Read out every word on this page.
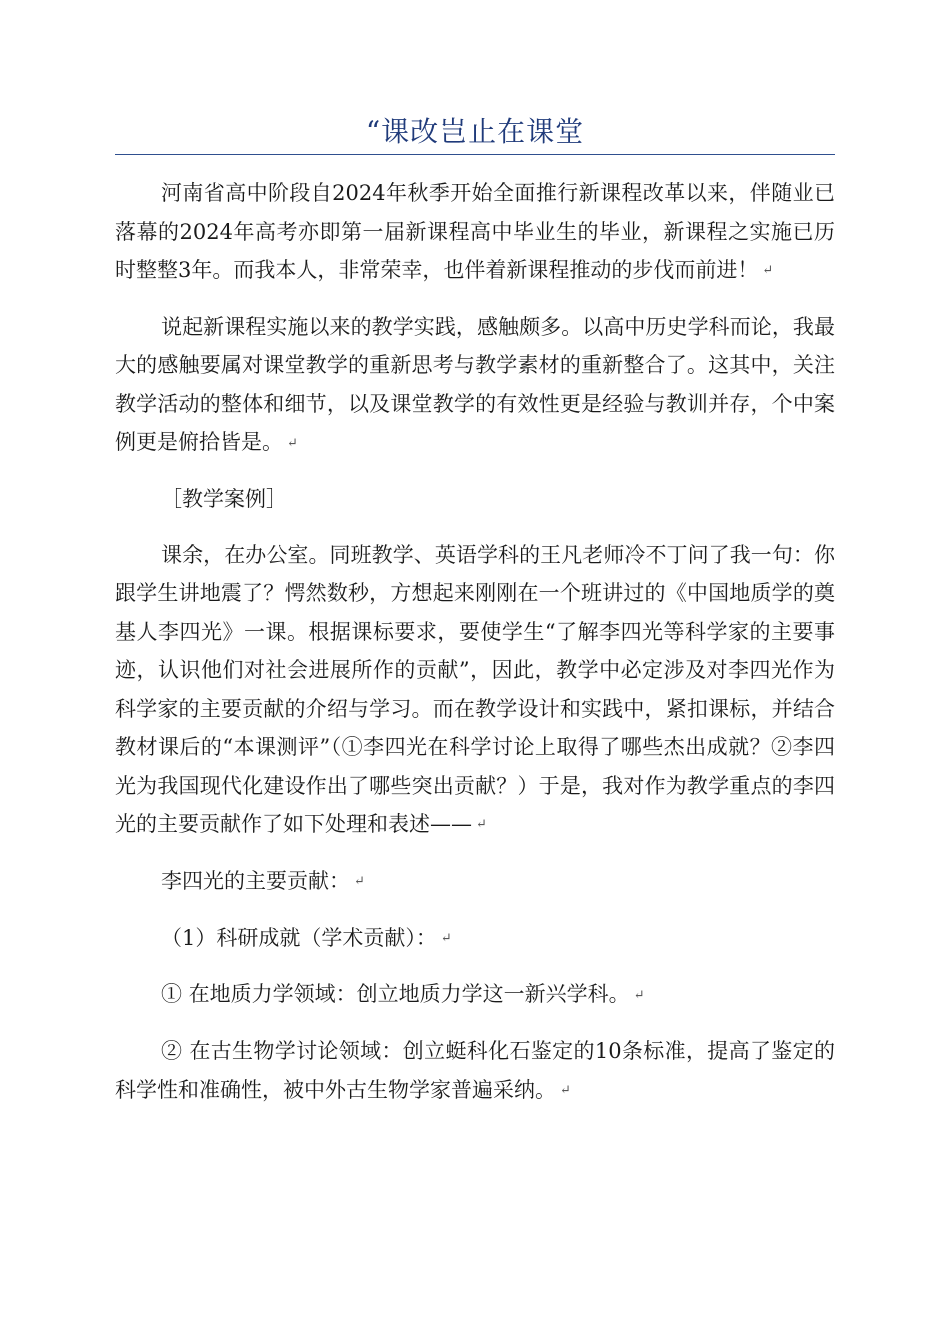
“课改岂止在课堂

河南省高中阶段自2024年秋季开始全面推行新课程改革以来，伴随业已落幕的2024年高考亦即第一届新课程高中毕业生的毕业，新课程之实施已历时整整3年。而我本人，非常荣幸，也伴着新课程推动的步伐而前进！ ↵

说起新课程实施以来的教学实践，感触颇多。以高中历史学科而论，我最大的感触要属对课堂教学的重新思考与教学素材的重新整合了。这其中，关注教学活动的整体和细节，以及课堂教学的有效性更是经验与教训并存，个中案例更是俯拾皆是。 ↵

［教学案例］

课余，在办公室。同班教学、英语学科的王凡老师冷不丁问了我一句：你跟学生讲地震了？愕然数秒，方想起来刚刚在一个班讲过的《中国地质学的奠基人李四光》一课。根据课标要求，要使学生“了解李四光等科学家的主要事迹，认识他们对社会进展所作的贡献”，因此，教学中必定涉及对李四光作为科学家的主要贡献的介绍与学习。而在教学设计和实践中，紧扣课标，并结合教材课后的“本课测评”（①李四光在科学讨论上取得了哪些杰出成就？②李四光为我国现代化建设作出了哪些突出贡献？）于是，我对作为教学重点的李四光的主要贡献作了如下处理和表述—— ↵

李四光的主要贡献： ↵

（1）科研成就（学术贡献）： ↵

① 在地质力学领域：创立地质力学这一新兴学科。 ↵

② 在古生物学讨论领域：创立蜓科化石鉴定的10条标准，提高了鉴定的科学性和准确性，被中外古生物学家普遍采纳。 ↵
